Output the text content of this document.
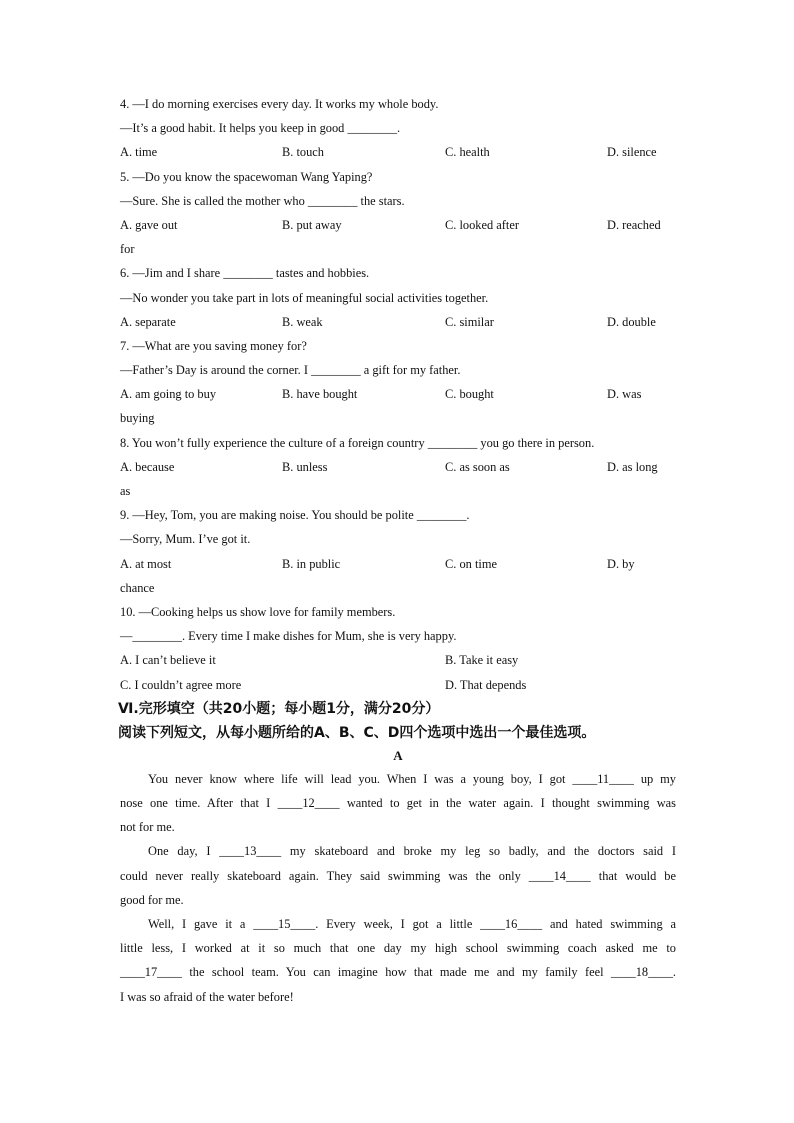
4. —I do morning exercises every day. It works my whole body.
—It’s a good habit. It helps you keep in good ________.
A. time	B. touch	C. health	D. silence
5. —Do you know the spacewoman Wang Yaping?
—Sure. She is called the mother who ________ the stars.
A. gave out	B. put away	C. looked after	D. reached
for
6. —Jim and I share ________ tastes and hobbies.
—No wonder you take part in lots of meaningful social activities together.
A. separate	B. weak	C. similar	D. double
7. —What are you saving money for?
—Father’s Day is around the corner. I ________ a gift for my father.
A. am going to buy	B. have bought	C. bought	D. was
buying
8. You won’t fully experience the culture of a foreign country ________ you go there in person.
A. because	B. unless	C. as soon as	D. as long
as
9. —Hey, Tom, you are making noise. You should be polite ________.
—Sorry, Mum. I’ve got it.
A. at most	B. in public	C. on time	D. by
chance
10. —Cooking helps us show love for family members.
—________. Every time I make dishes for Mum, she is very happy.
A. I can’t believe it	B. Take it easy
C. I couldn’t agree more	D. That depends
Ⅵ.完形填空（共20小题；每小题1分，满分20分）
阅读下列短文，从每小题所给的A、B、C、D四个选项中选出一个最佳选项。
A
You never know where life will lead you. When I was a young boy, I got ____11____ up my
nose one time. After that I ____12____ wanted to get in the water again. I thought swimming was
not for me.
One day, I ____13____ my skateboard and broke my leg so badly, and the doctors said I
could never really skateboard again. They said swimming was the only ____14____ that would be
good for me.
Well, I gave it a ____15____. Every week, I got a little ____16____ and hated swimming a
little less, I worked at it so much that one day my high school swimming coach asked me to
____17____ the school team. You can imagine how that made me and my family feel ____18____.
I was so afraid of the water before!
